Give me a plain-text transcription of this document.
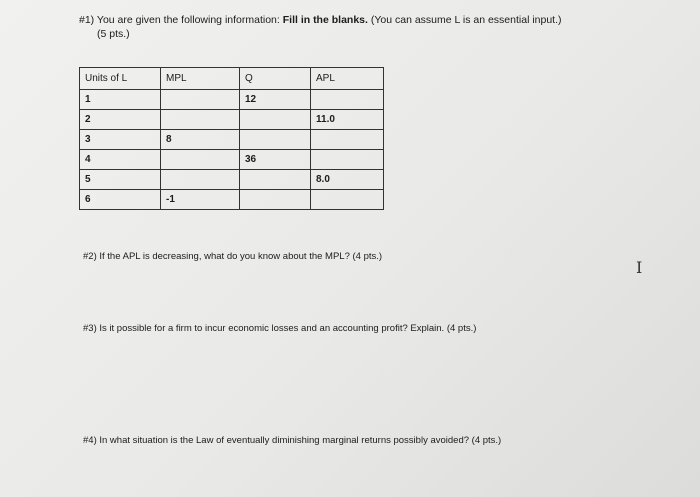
#1) You are given the following information: Fill in the blanks. (You can assume L is an essential input.)
(5 pts.)
Units of L	MPL	Q	APL
1		12	
2			11.0
3	8		
4		36	
5			8.0
6	-1		
#2) If the APL is decreasing, what do you know about the MPL? (4 pts.)
#3) Is it possible for a firm to incur economic losses and an accounting profit? Explain. (4 pts.)
#4) In what situation is the Law of eventually diminishing marginal returns possibly avoided? (4 pts.)
I
